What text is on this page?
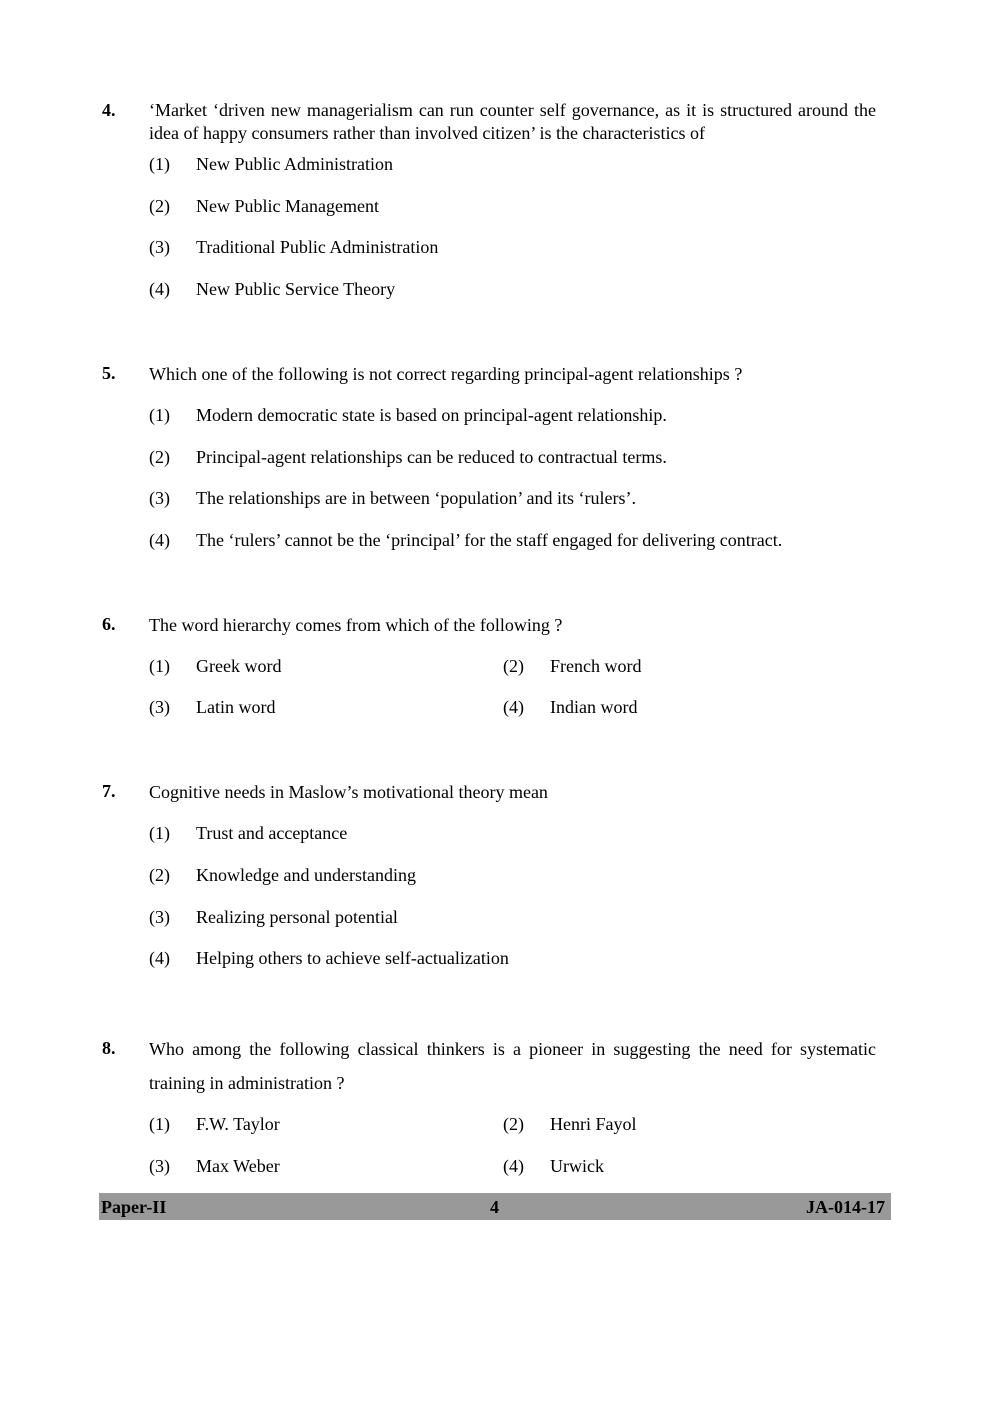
4. ‘Market ‘driven new managerialism can run counter self governance, as it is structured around the idea of happy consumers rather than involved citizen’ is the characteristics of
(1) New Public Administration
(2) New Public Management
(3) Traditional Public Administration
(4) New Public Service Theory
5. Which one of the following is not correct regarding principal-agent relationships ?
(1) Modern democratic state is based on principal-agent relationship.
(2) Principal-agent relationships can be reduced to contractual terms.
(3) The relationships are in between ‘population’ and its ‘rulers’.
(4) The ‘rulers’ cannot be the ‘principal’ for the staff engaged for delivering contract.
6. The word hierarchy comes from which of the following ?
(1) Greek word	(2) French word
(3) Latin word	(4) Indian word
7. Cognitive needs in Maslow’s motivational theory mean
(1) Trust and acceptance
(2) Knowledge and understanding
(3) Realizing personal potential
(4) Helping others to achieve self-actualization
8. Who among the following classical thinkers is a pioneer in suggesting the need for systematic training in administration ?
(1) F.W. Taylor	(2) Henri Fayol
(3) Max Weber	(4) Urwick
Paper-II	4	JA-014-17
